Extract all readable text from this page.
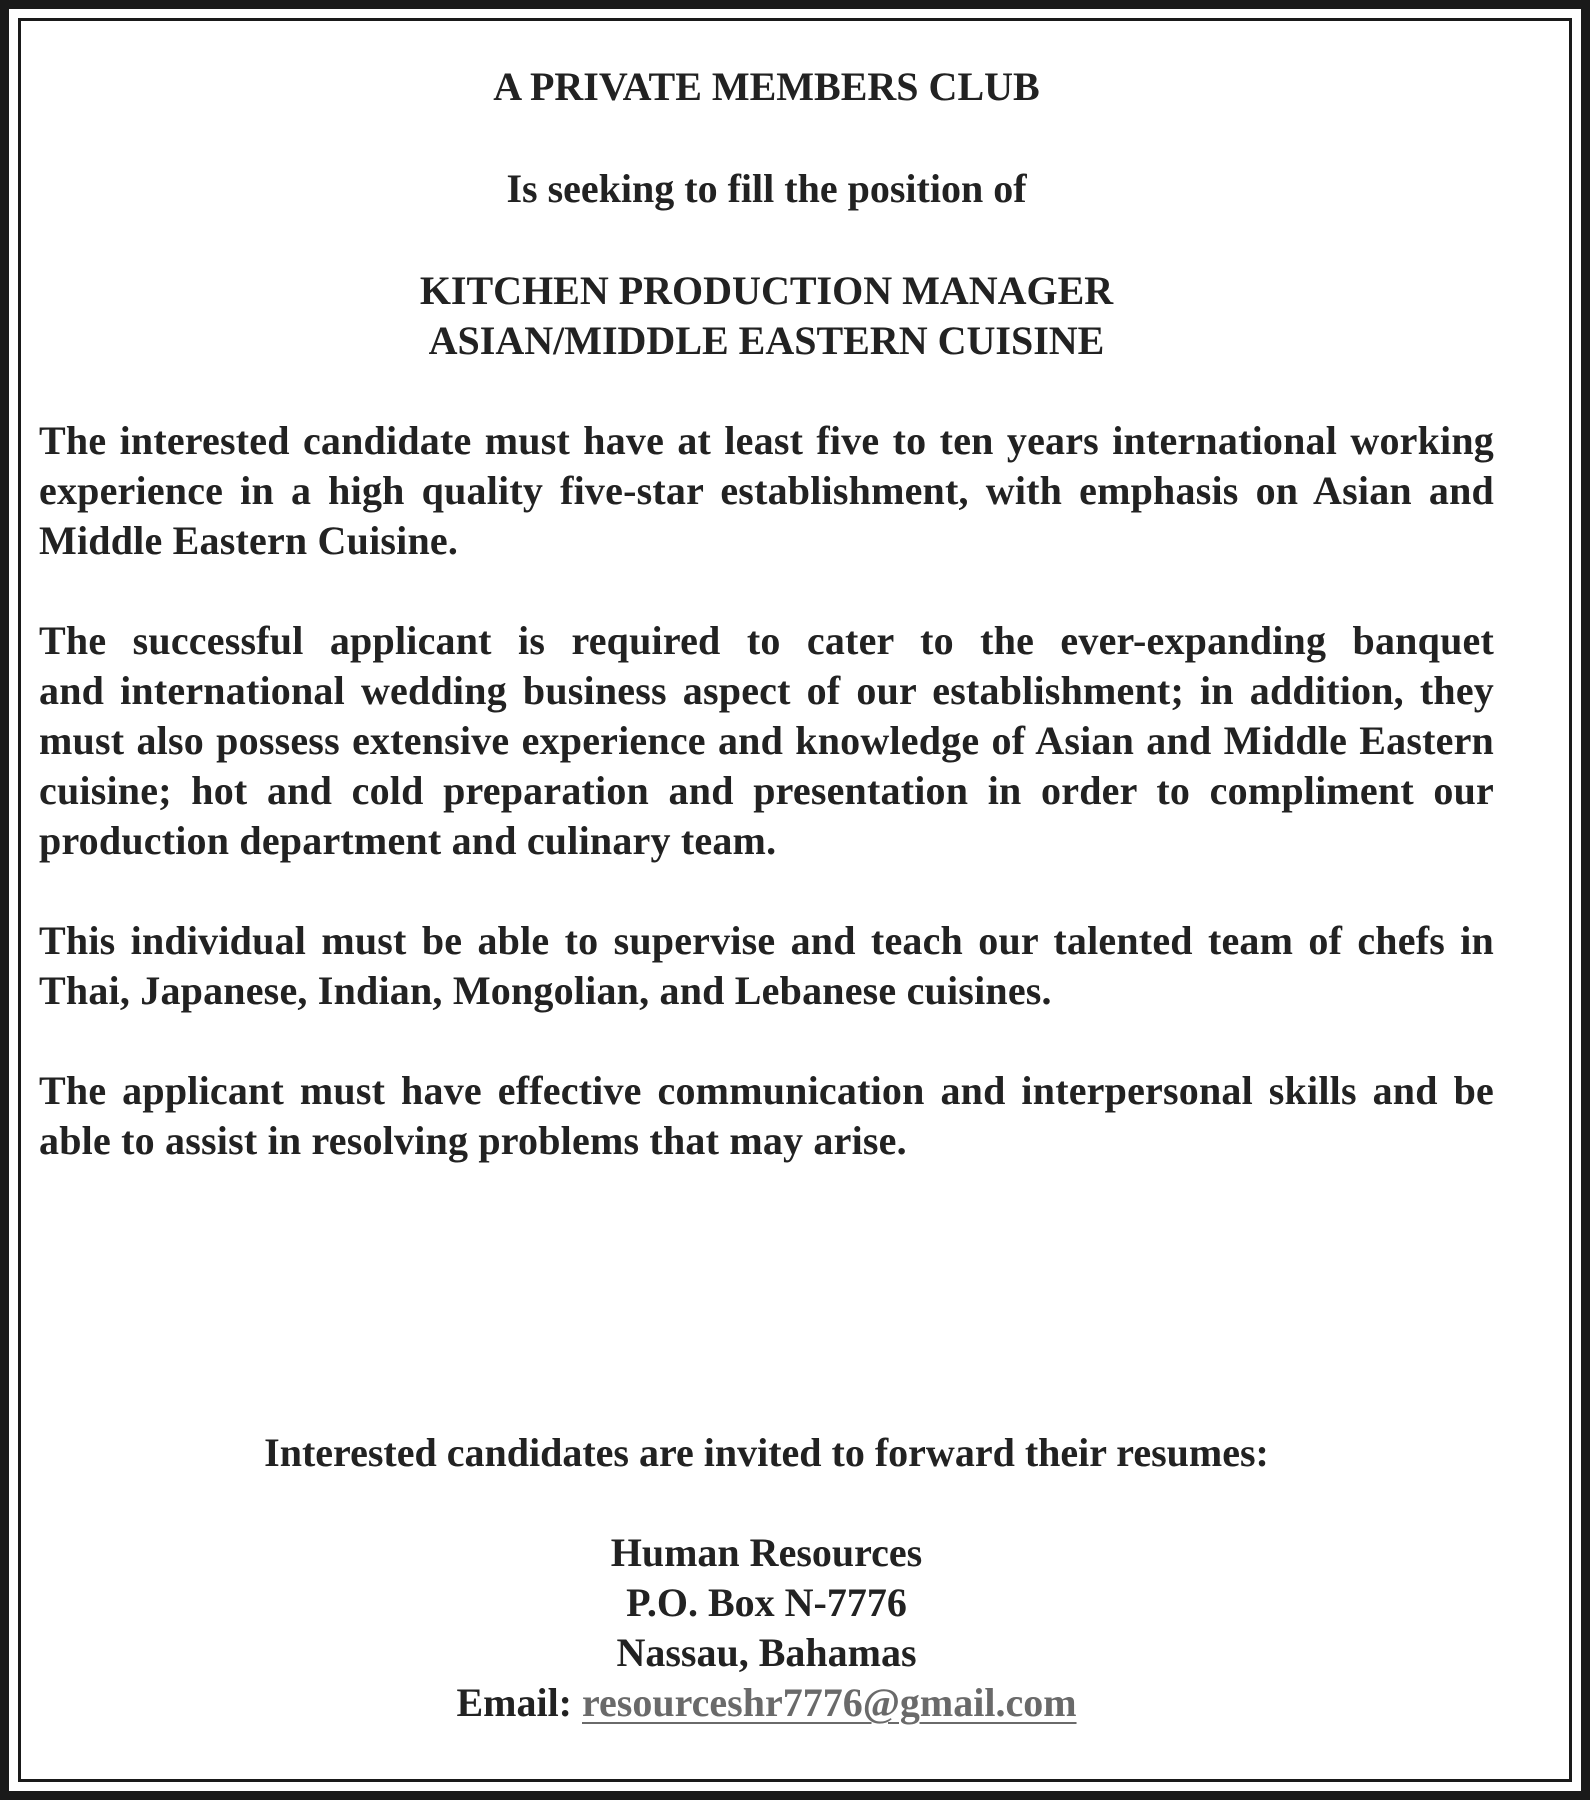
A PRIVATE MEMBERS CLUB

Is seeking to fill the position of

KITCHEN PRODUCTION MANAGER

ASIAN/MIDDLE EASTERN CUISINE

The interested candidate must have at least five to ten years international working experience in a high quality five-star establishment, with emphasis on Asian and Middle Eastern Cuisine.

The successful applicant is required to cater to the ever-expanding banquet

and international wedding business aspect of our establishment; in addition, they must also possess extensive experience and knowledge of Asian and Middle Eastern cuisine; hot and cold preparation and presentation in order to compliment our production department and culinary team.

This individual must be able to supervise and teach our talented team of chefs in Thai, Japanese, Indian, Mongolian, and Lebanese cuisines.

The applicant must have effective communication and interpersonal skills and be able to assist in resolving problems that may arise.

Interested candidates are invited to forward their resumes:

Human Resources

P.O. Box N-7776

Nassau, Bahamas

Email: resourceshr7776@gmail.com
